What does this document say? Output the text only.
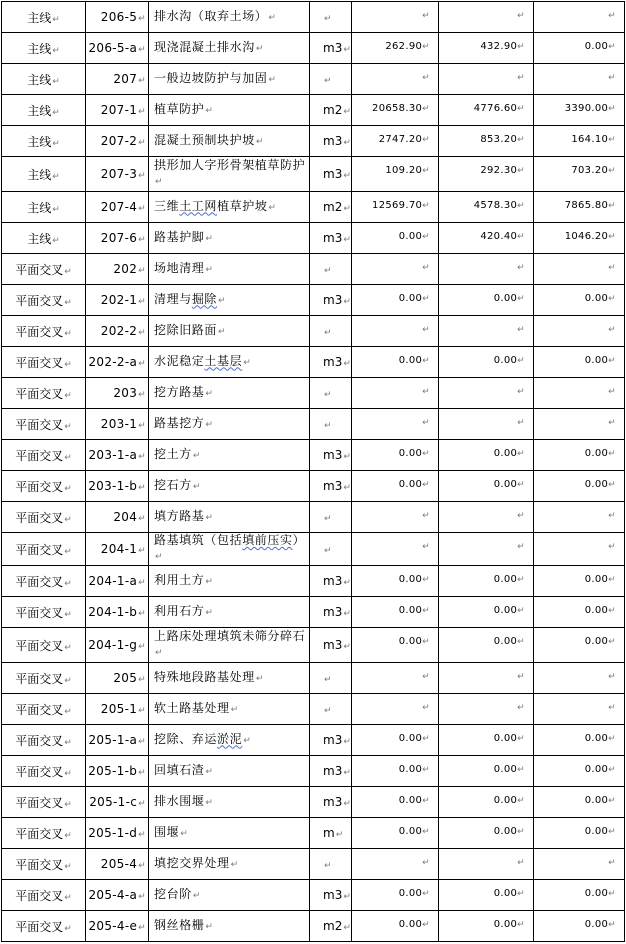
主线↵	206-5↵	排水沟（取弃土场）↵	↵	↵	↵	↵
主线↵	206-5-a↵	现浇混凝土排水沟↵	m3↵	262.90↵	432.90↵	0.00↵
主线↵	207↵	一般边坡防护与加固↵	↵	↵	↵	↵
主线↵	207-1↵	植草防护↵	m2↵	20658.30↵	4776.60↵	3390.00↵
主线↵	207-2↵	混凝土预制块护坡↵	m3↵	2747.20↵	853.20↵	164.10↵
主线↵	207-3↵	拱形加人字形骨架植草防护↵	m3↵	109.20↵	292.30↵	703.20↵
主线↵	207-4↵	三维土工网植草护坡↵	m2↵	12569.70↵	4578.30↵	7865.80↵
主线↵	207-6↵	路基护脚↵	m3↵	0.00↵	420.40↵	1046.20↵
平面交叉↵	202↵	场地清理↵	↵	↵	↵	↵
平面交叉↵	202-1↵	清理与掘除↵	m3↵	0.00↵	0.00↵	0.00↵
平面交叉↵	202-2↵	挖除旧路面↵	↵	↵	↵	↵
平面交叉↵	202-2-a↵	水泥稳定土基层↵	m3↵	0.00↵	0.00↵	0.00↵
平面交叉↵	203↵	挖方路基↵	↵	↵	↵	↵
平面交叉↵	203-1↵	路基挖方↵	↵	↵	↵	↵
平面交叉↵	203-1-a↵	挖土方↵	m3↵	0.00↵	0.00↵	0.00↵
平面交叉↵	203-1-b↵	挖石方↵	m3↵	0.00↵	0.00↵	0.00↵
平面交叉↵	204↵	填方路基↵	↵	↵	↵	↵
平面交叉↵	204-1↵	路基填筑（包括填前压实）↵	↵	↵	↵	↵
平面交叉↵	204-1-a↵	利用土方↵	m3↵	0.00↵	0.00↵	0.00↵
平面交叉↵	204-1-b↵	利用石方↵	m3↵	0.00↵	0.00↵	0.00↵
平面交叉↵	204-1-g↵	上路床处理填筑未筛分碎石↵	m3↵	0.00↵	0.00↵	0.00↵
平面交叉↵	205↵	特殊地段路基处理↵	↵	↵	↵	↵
平面交叉↵	205-1↵	软土路基处理↵	↵	↵	↵	↵
平面交叉↵	205-1-a↵	挖除、弃运淤泥↵	m3↵	0.00↵	0.00↵	0.00↵
平面交叉↵	205-1-b↵	回填石渣↵	m3↵	0.00↵	0.00↵	0.00↵
平面交叉↵	205-1-c↵	排水围堰↵	m3↵	0.00↵	0.00↵	0.00↵
平面交叉↵	205-1-d↵	围堰↵	m↵	0.00↵	0.00↵	0.00↵
平面交叉↵	205-4↵	填挖交界处理↵	↵	↵	↵	↵
平面交叉↵	205-4-a↵	挖台阶↵	m3↵	0.00↵	0.00↵	0.00↵
平面交叉↵	205-4-e↵	钢丝格栅↵	m2↵	0.00↵	0.00↵	0.00↵
